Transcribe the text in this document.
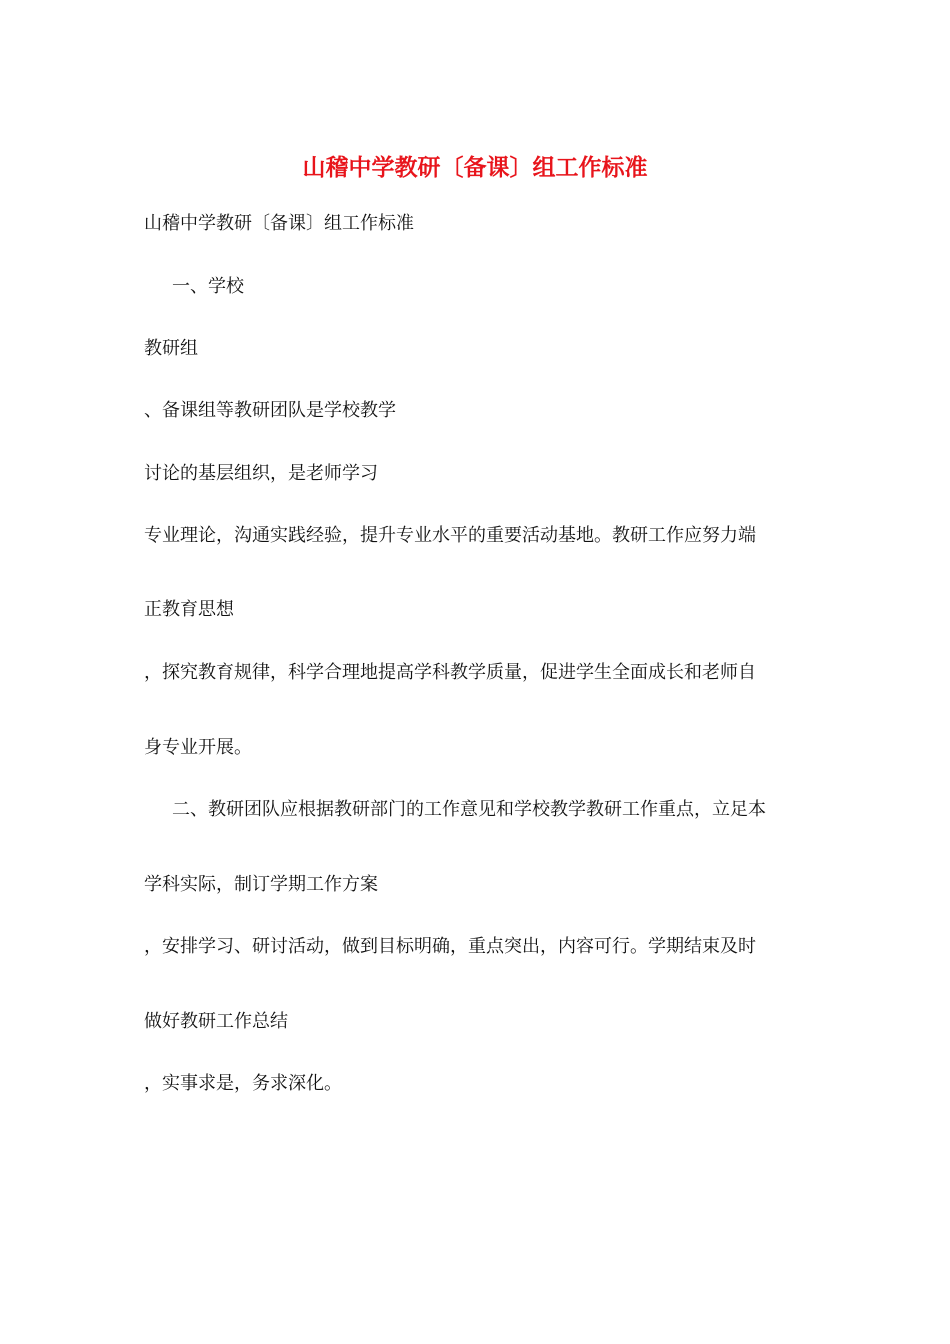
山稽中学教研〔备课〕组工作标准

山稽中学教研〔备课〕组工作标准

一、学校

教研组

、备课组等教研团队是学校教学

讨论的基层组织，是老师学习

专业理论，沟通实践经验，提升专业水平的重要活动基地。教研工作应努力端

正教育思想

，探究教育规律，科学合理地提高学科教学质量，促进学生全面成长和老师自

身专业开展。

二、教研团队应根据教研部门的工作意见和学校教学教研工作重点，立足本

学科实际，制订学期工作方案

，安排学习、研讨活动，做到目标明确，重点突出，内容可行。学期结束及时

做好教研工作总结

，实事求是，务求深化。
